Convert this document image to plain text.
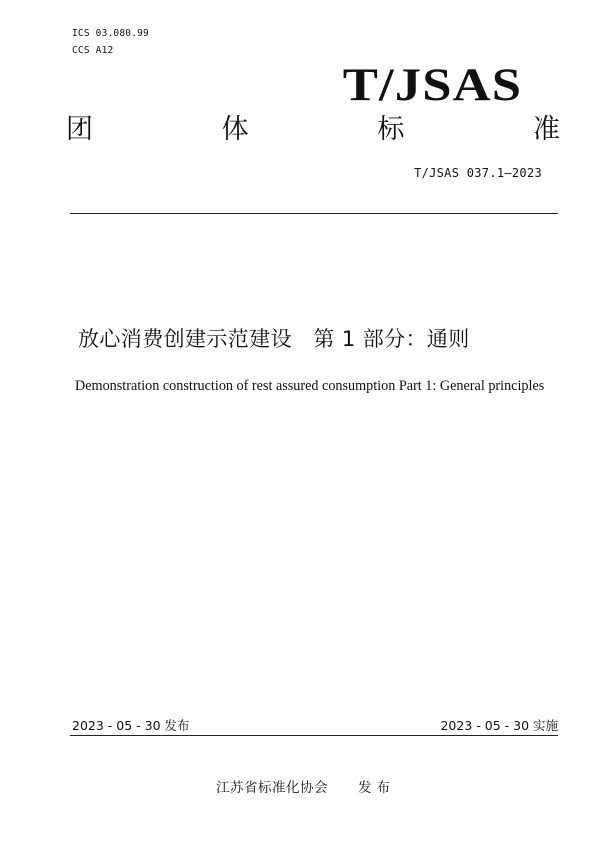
ICS 03.080.99
CCS A12
T/JSAS
团	体	标	准
T/JSAS 037.1—2023
放心消费创建示范建设　第 1 部分：通则
Demonstration construction of rest assured consumption Part 1: General principles
2023 - 05 - 30 发布	2023 - 05 - 30 实施
江苏省标准化协会 发布
